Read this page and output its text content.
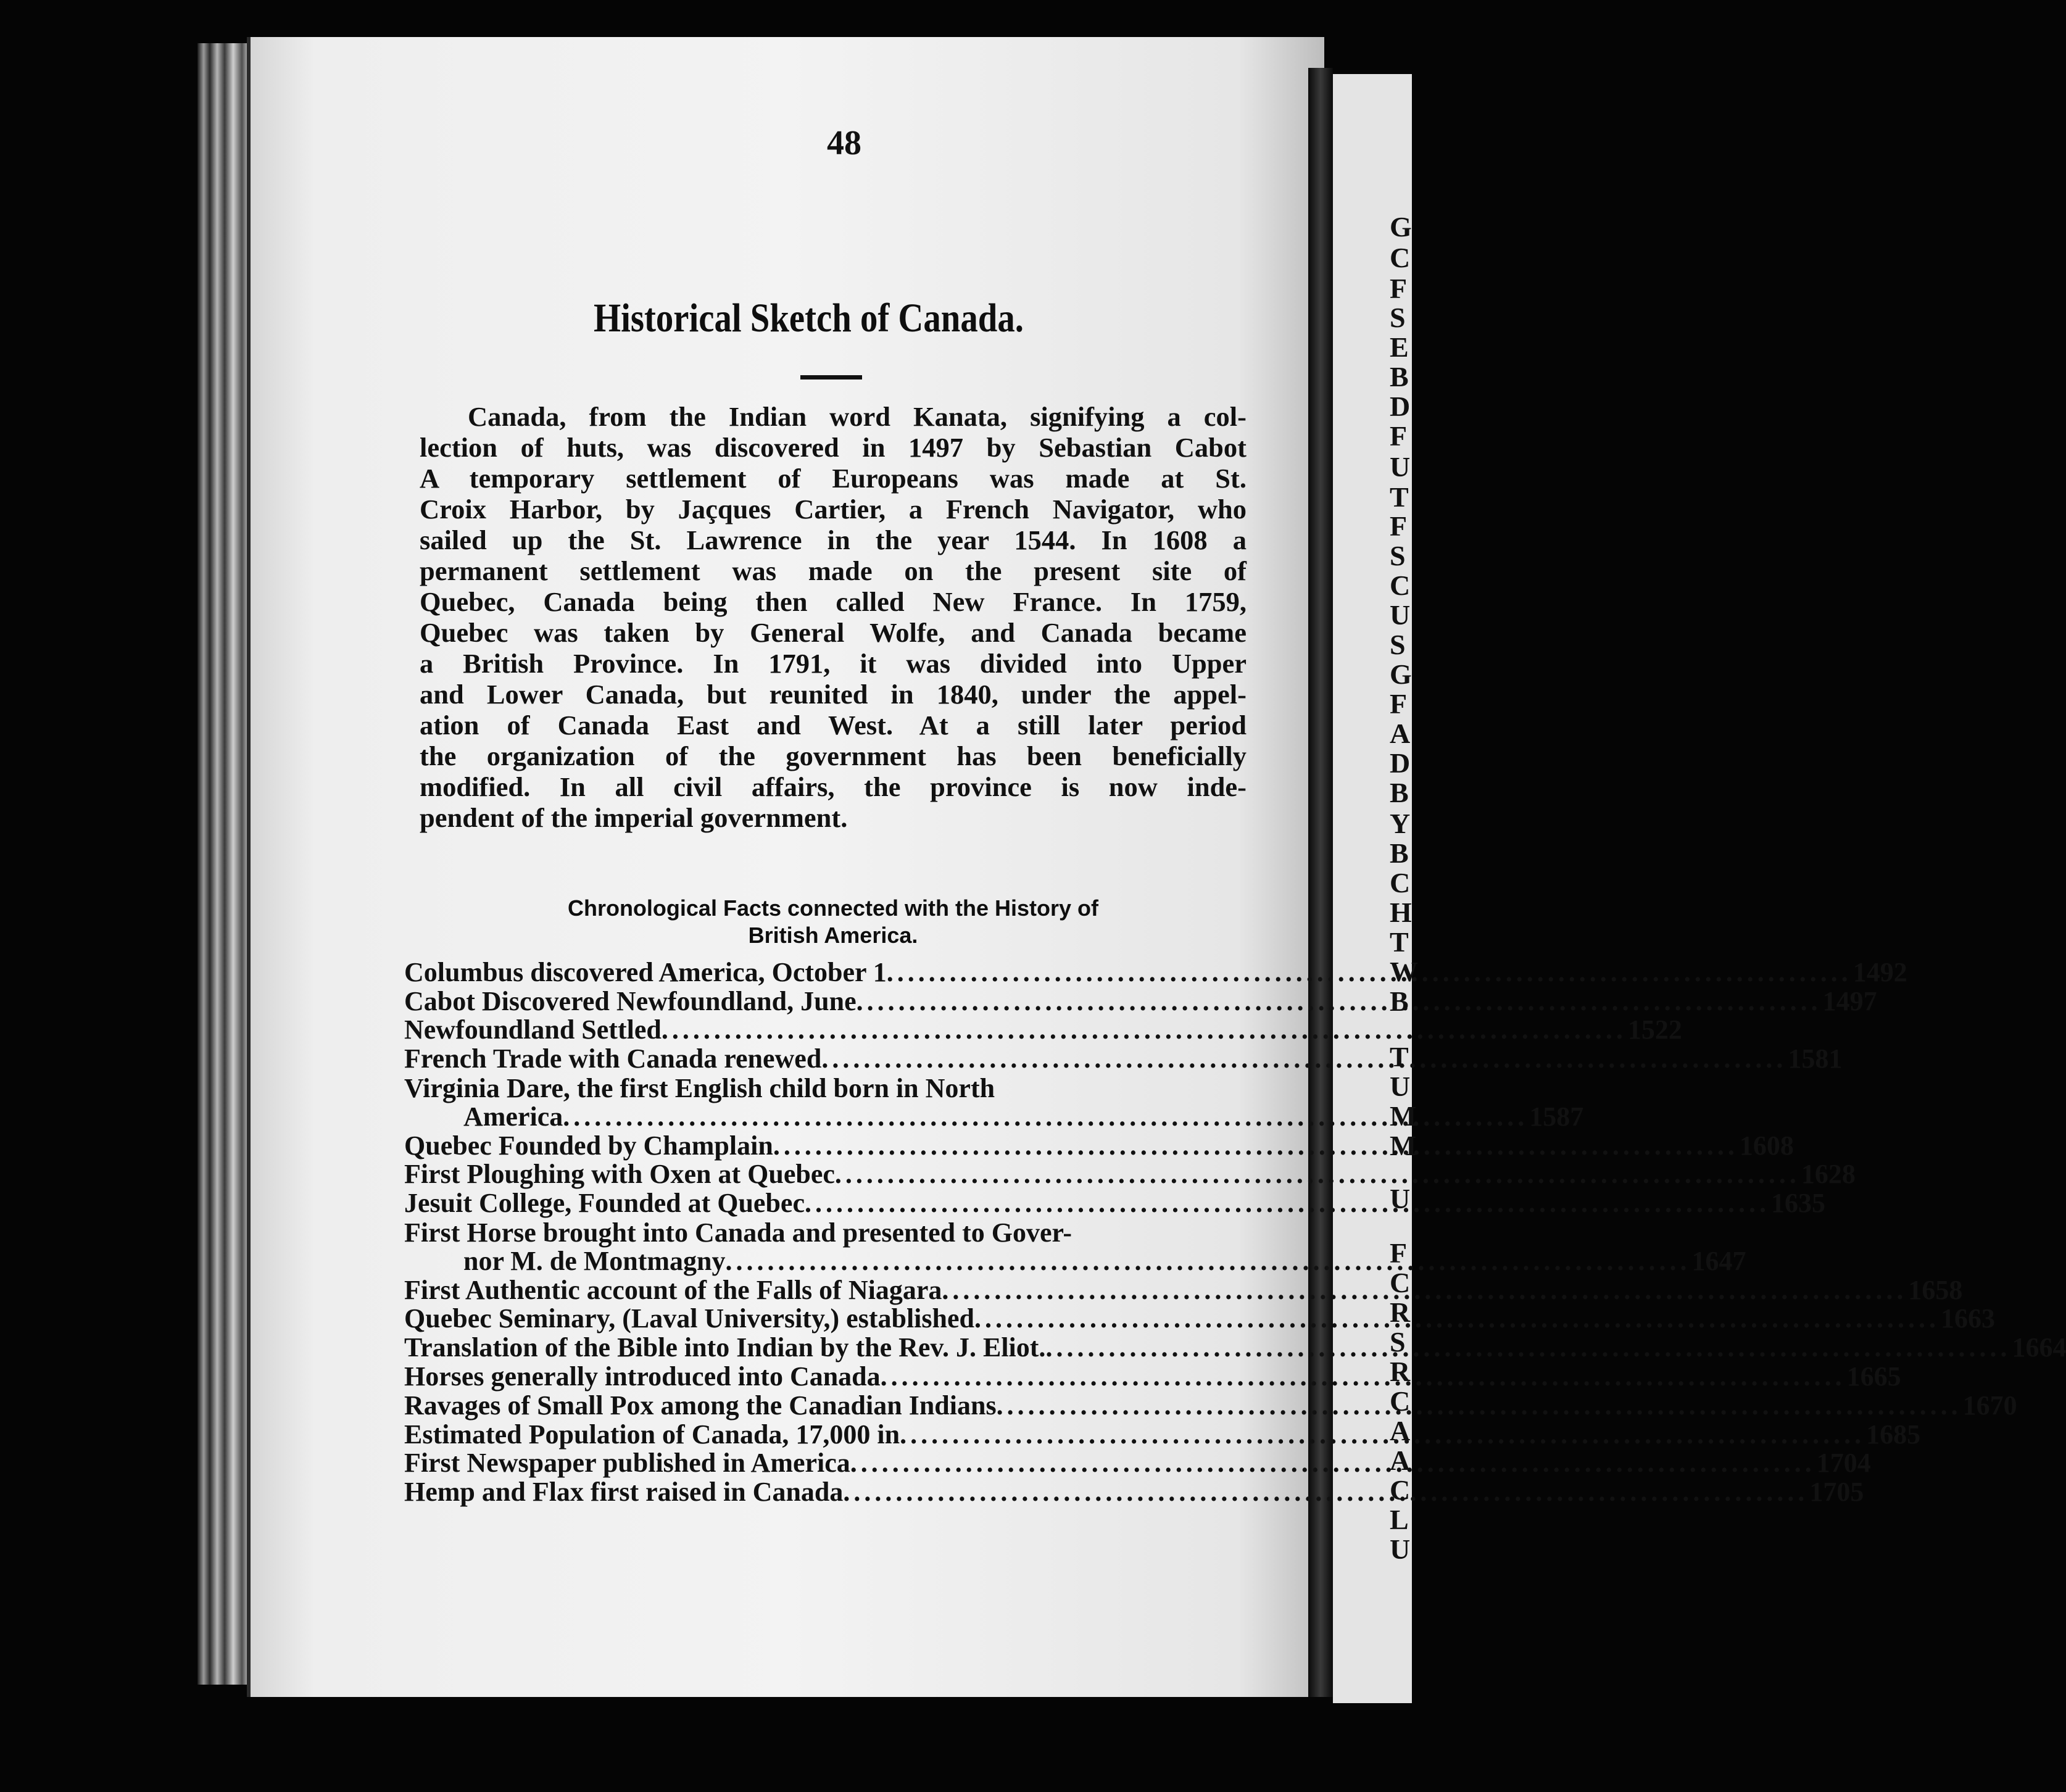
48
Historical Sketch of Canada.
Canada, from the Indian word Kanata, signifying a col-
lection of huts, was discovered in 1497 by Sebastian Cabot
A temporary settlement of Europeans was made at St.
Croix Harbor, by Jaçques Cartier, a French Navigator, who
sailed up the St. Lawrence in the year 1544. In 1608 a
permanent settlement was made on the present site of
Quebec, Canada being then called New France. In 1759,
Quebec was taken by General Wolfe, and Canada became
a British Province. In 1791, it was divided into Upper
and Lower Canada, but reunited in 1840, under the appel-
ation of Canada East and West. At a still later period
the organization of the government has been beneficially
modified. In all civil affairs, the province is now inde-
pendent of the imperial government.
Chronological Facts connected with the History of
British America.
Columbus discovered America, October 1 .....	1492
Cabot Discovered Newfoundland, June .....	1497
Newfoundland Settled .....	1522
French Trade with Canada renewed .....	1581
Virginia Dare, the first English child born in North
America .....	1587
Quebec Founded by Champlain .....	1608
First Ploughing with Oxen at Quebec .....	1628
Jesuit College, Founded at Quebec .....	1635
First Horse brought into Canada and presented to Gover-
nor M. de Montmagny .....	1647
First Authentic account of the Falls of Niagara .....	1658
Quebec Seminary, (Laval University,) established .....	1663
Translation of the Bible into Indian by the Rev. J. Eliot. .....	1664
Horses generally introduced into Canada .....	1665
Ravages of Small Pox among the Canadian Indians .....	1670
Estimated Population of Canada, 17,000 in .....	1685
First Newspaper published in America .....	1704
Hemp and Flax first raised in Canada .....	1705
G
C
F
S
E
B
D
F
U
T
F
S
C
U
S
G
F
A
D
B
Y
B
C
H
T
W
B
T
U
M
M
U
F
C
R
S
R
C
A
A
C
L
U
